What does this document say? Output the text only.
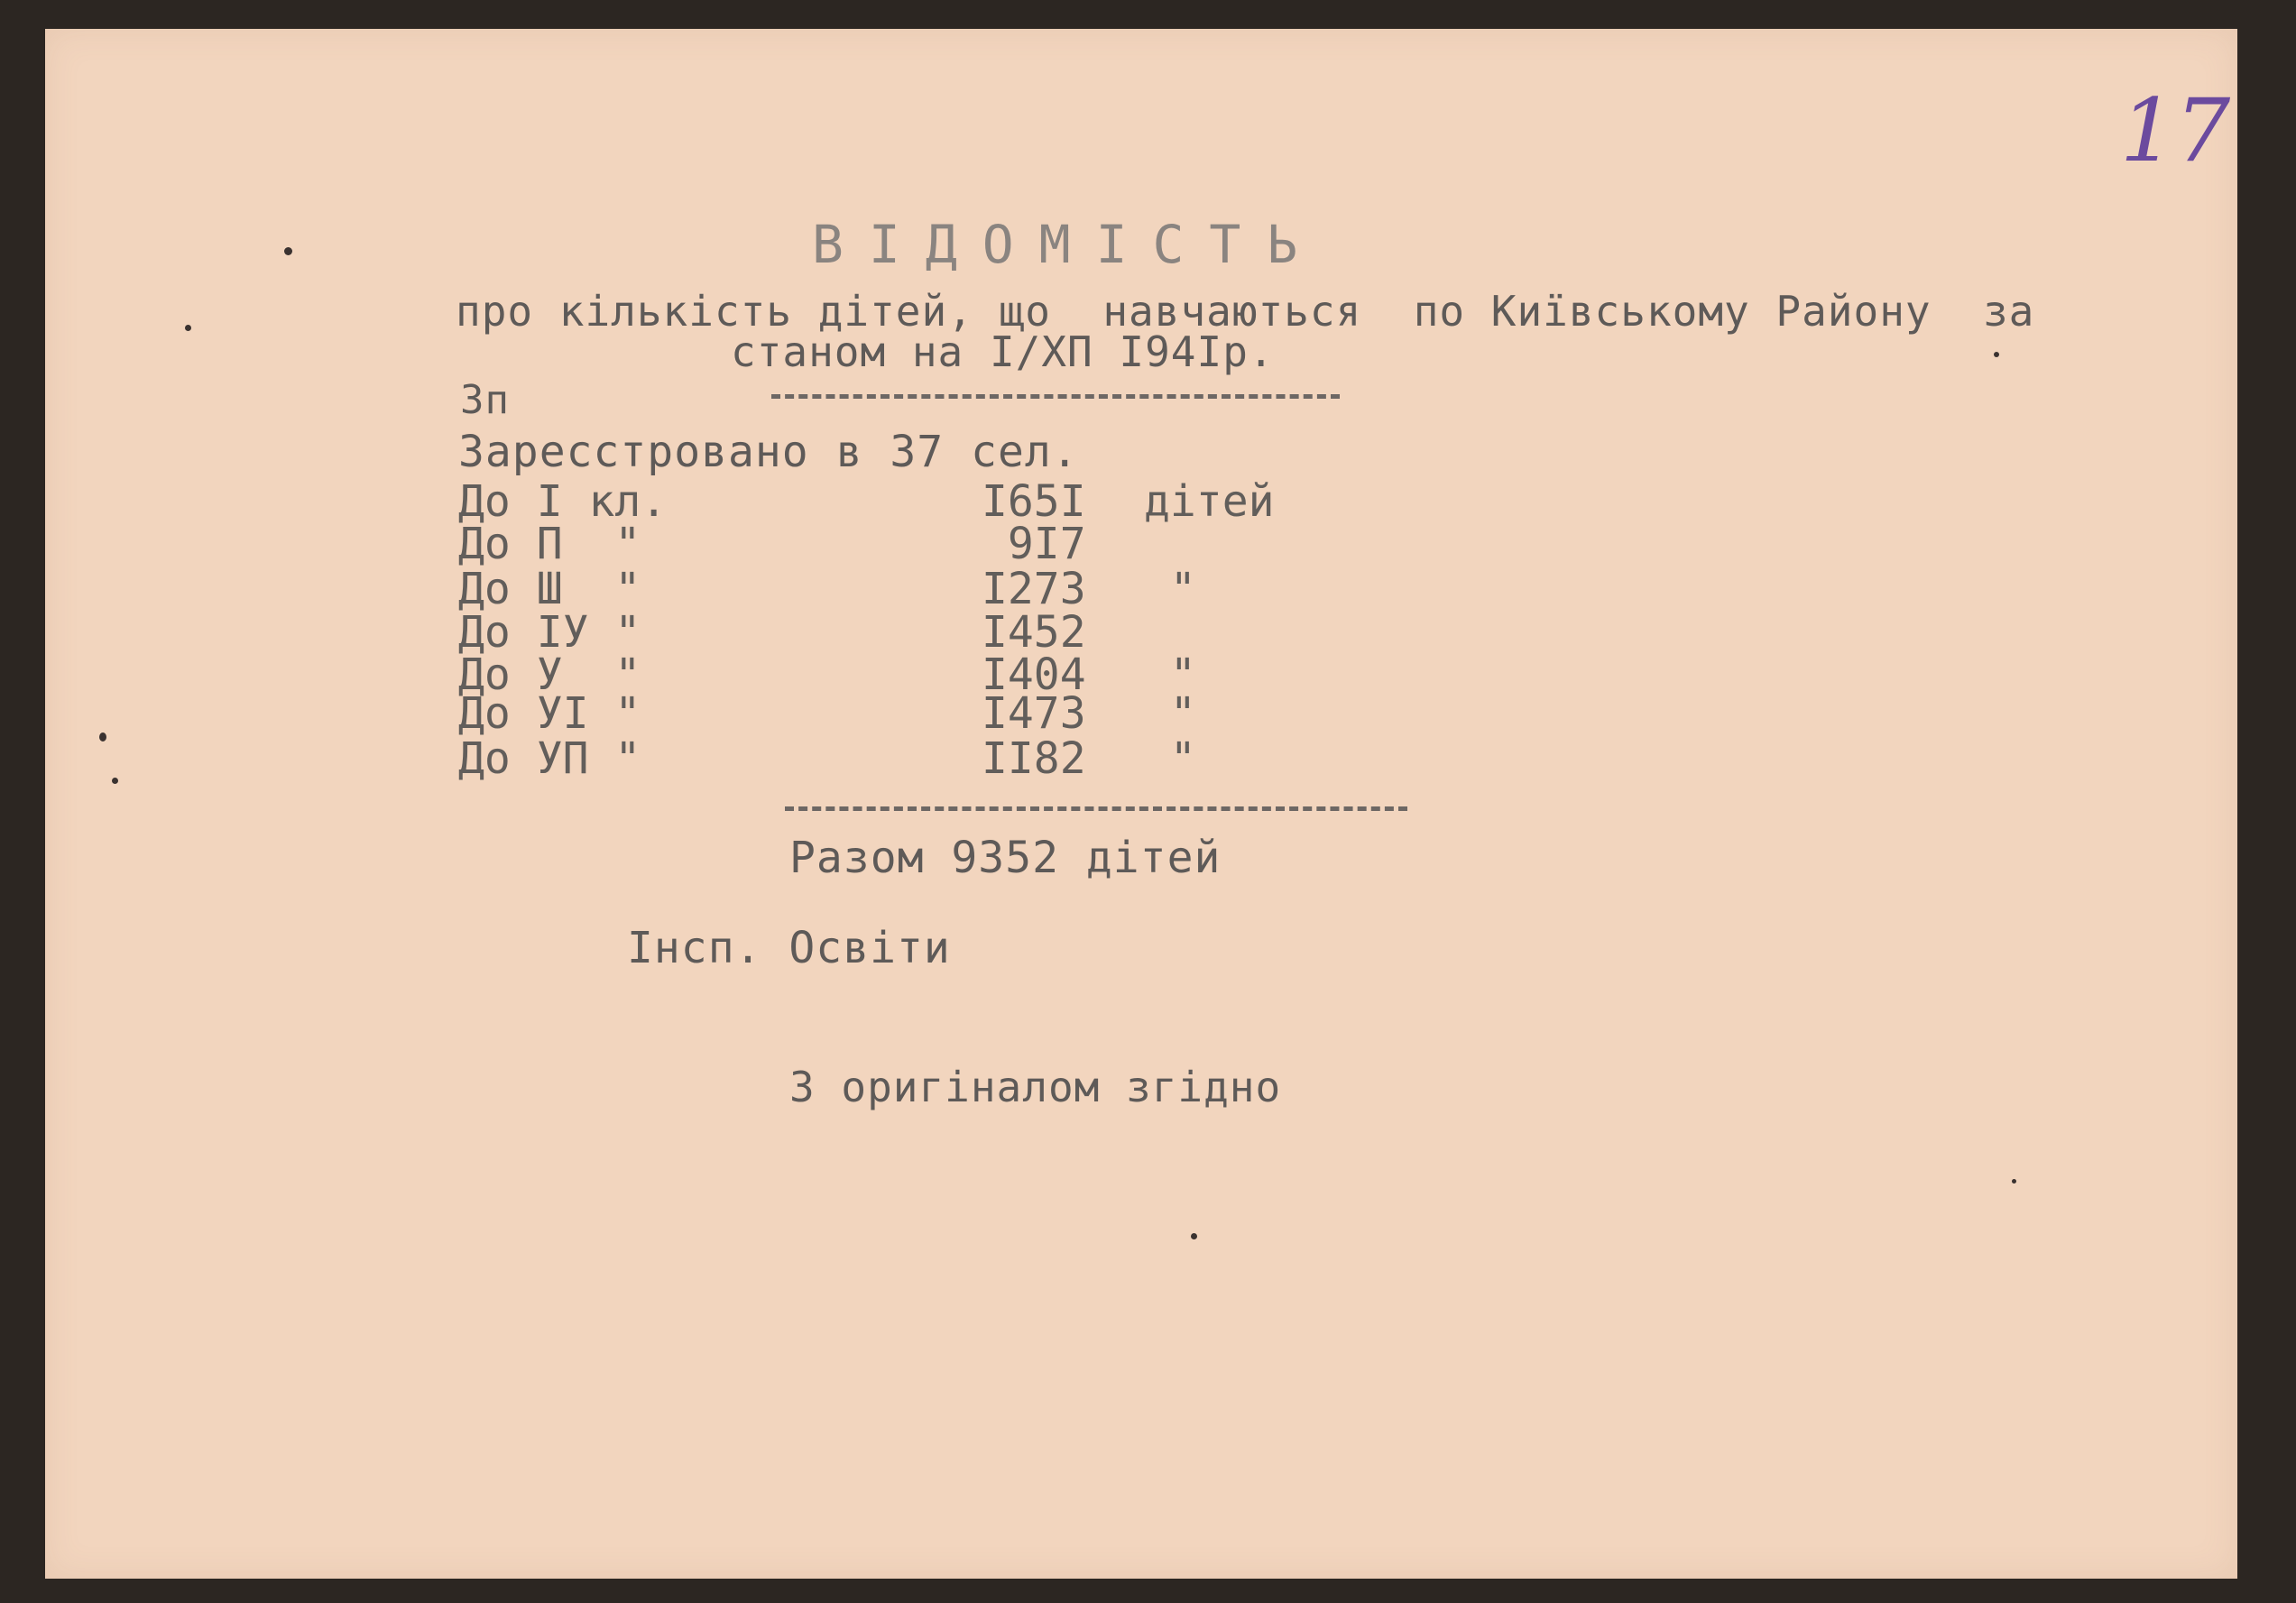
17
ВІДОМІСТЬ
про кількість дітей, що  навчаються  по Київському Району  за
станом на І/ХП І94Ір.
Зп
Заресстровано в 37 сел.
До І кл.	І65І дітей
До П  "	9І7
До Ш  "	І273 "
До ІУ "	І452
До У  "	І404 "
До УІ "	І473 "
До УП "	ІІ82 "
Разом 9352 дітей
Інсп. Освіти
З оригіналом згідно
